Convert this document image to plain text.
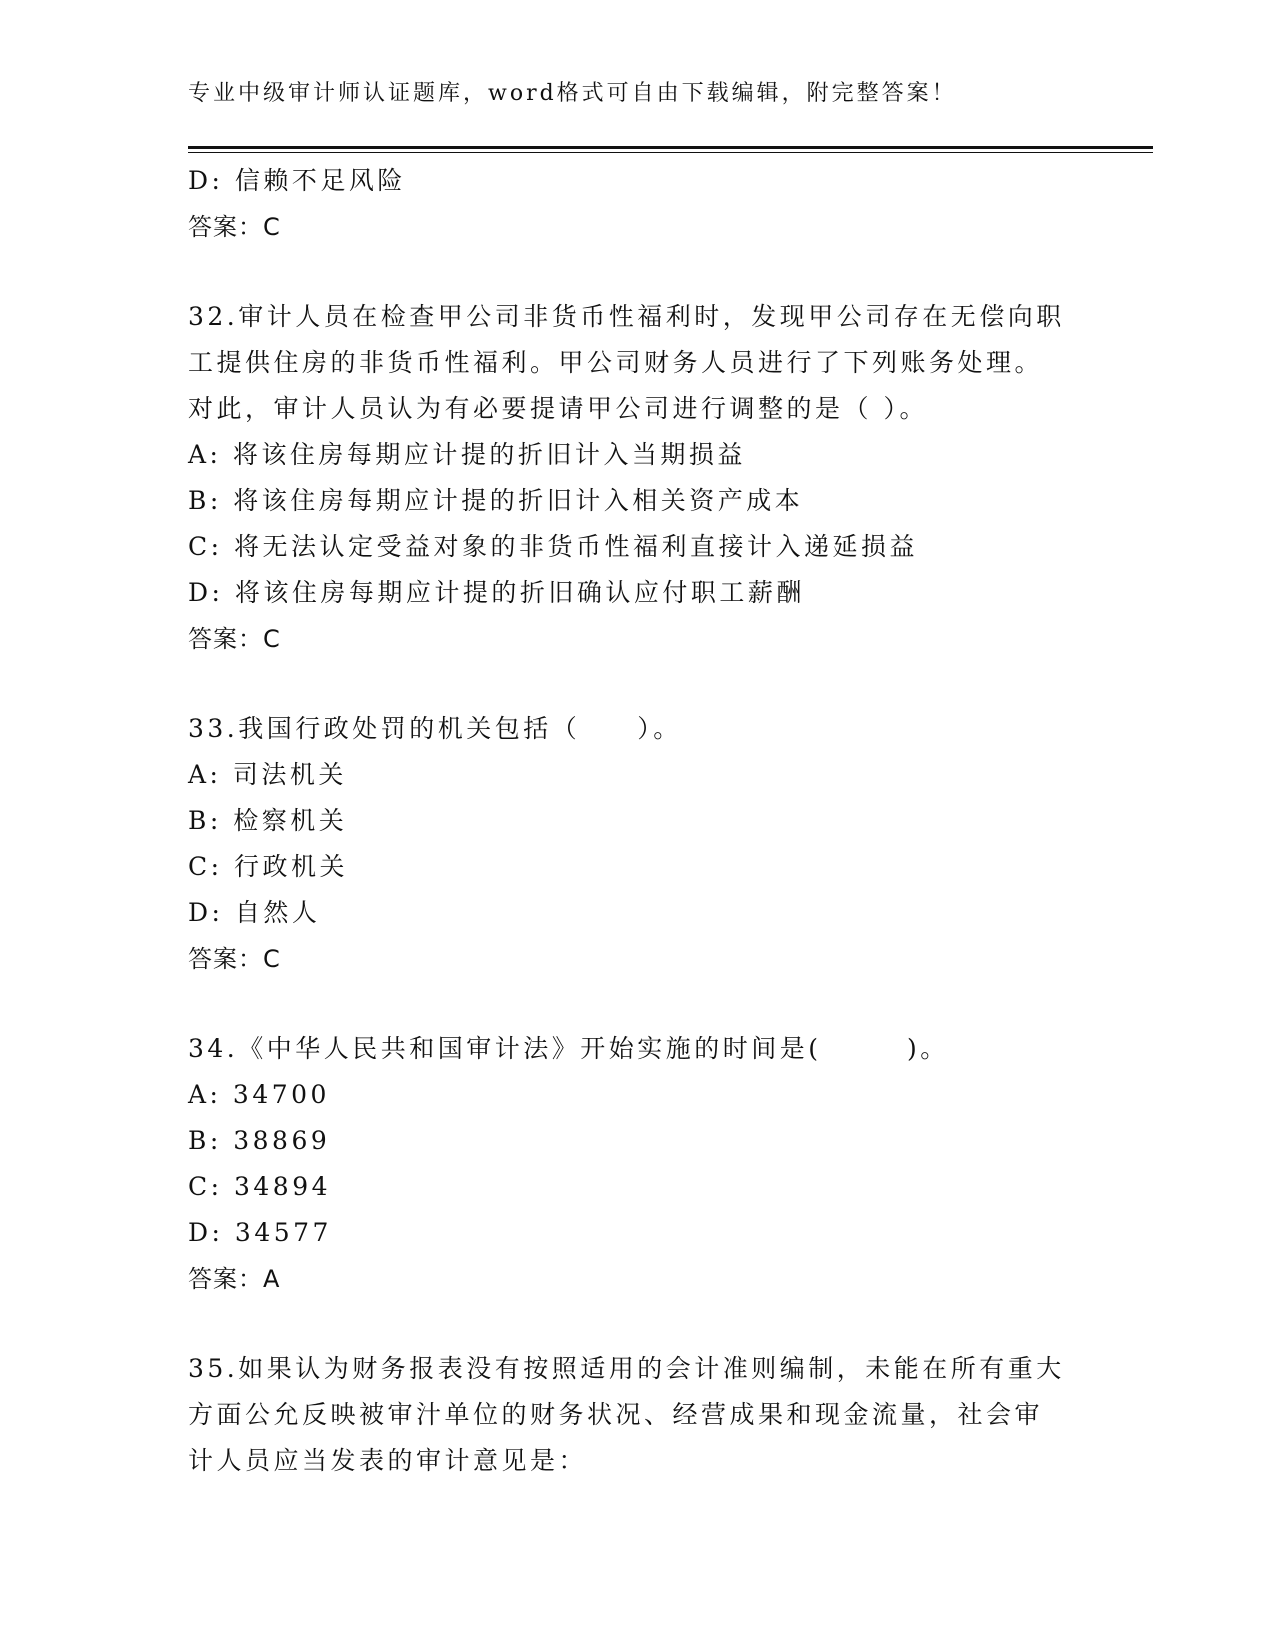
专业中级审计师认证题库，word格式可自由下载编辑，附完整答案！
D: 信赖不足风险
答案：C
32.审计人员在检查甲公司非货币性福利时，发现甲公司存在无偿向职
工提供住房的非货币性福利。甲公司财务人员进行了下列账务处理。
对此，审计人员认为有必要提请甲公司进行调整的是（ ）。
A: 将该住房每期应计提的折旧计入当期损益
B: 将该住房每期应计提的折旧计入相关资产成本
C: 将无法认定受益对象的非货币性福利直接计入递延损益
D: 将该住房每期应计提的折旧确认应付职工薪酬
答案：C
33.我国行政处罚的机关包括（　　）。
A: 司法机关
B: 检察机关
C: 行政机关
D: 自然人
答案：C
34.《中华人民共和国审计法》开始实施的时间是(　　　)。
A: 34700
B: 38869
C: 34894
D: 34577
答案：A
35.如果认为财务报表没有按照适用的会计准则编制，未能在所有重大
方面公允反映被审汁单位的财务状况、经营成果和现金流量，社会审
计人员应当发表的审计意见是：
